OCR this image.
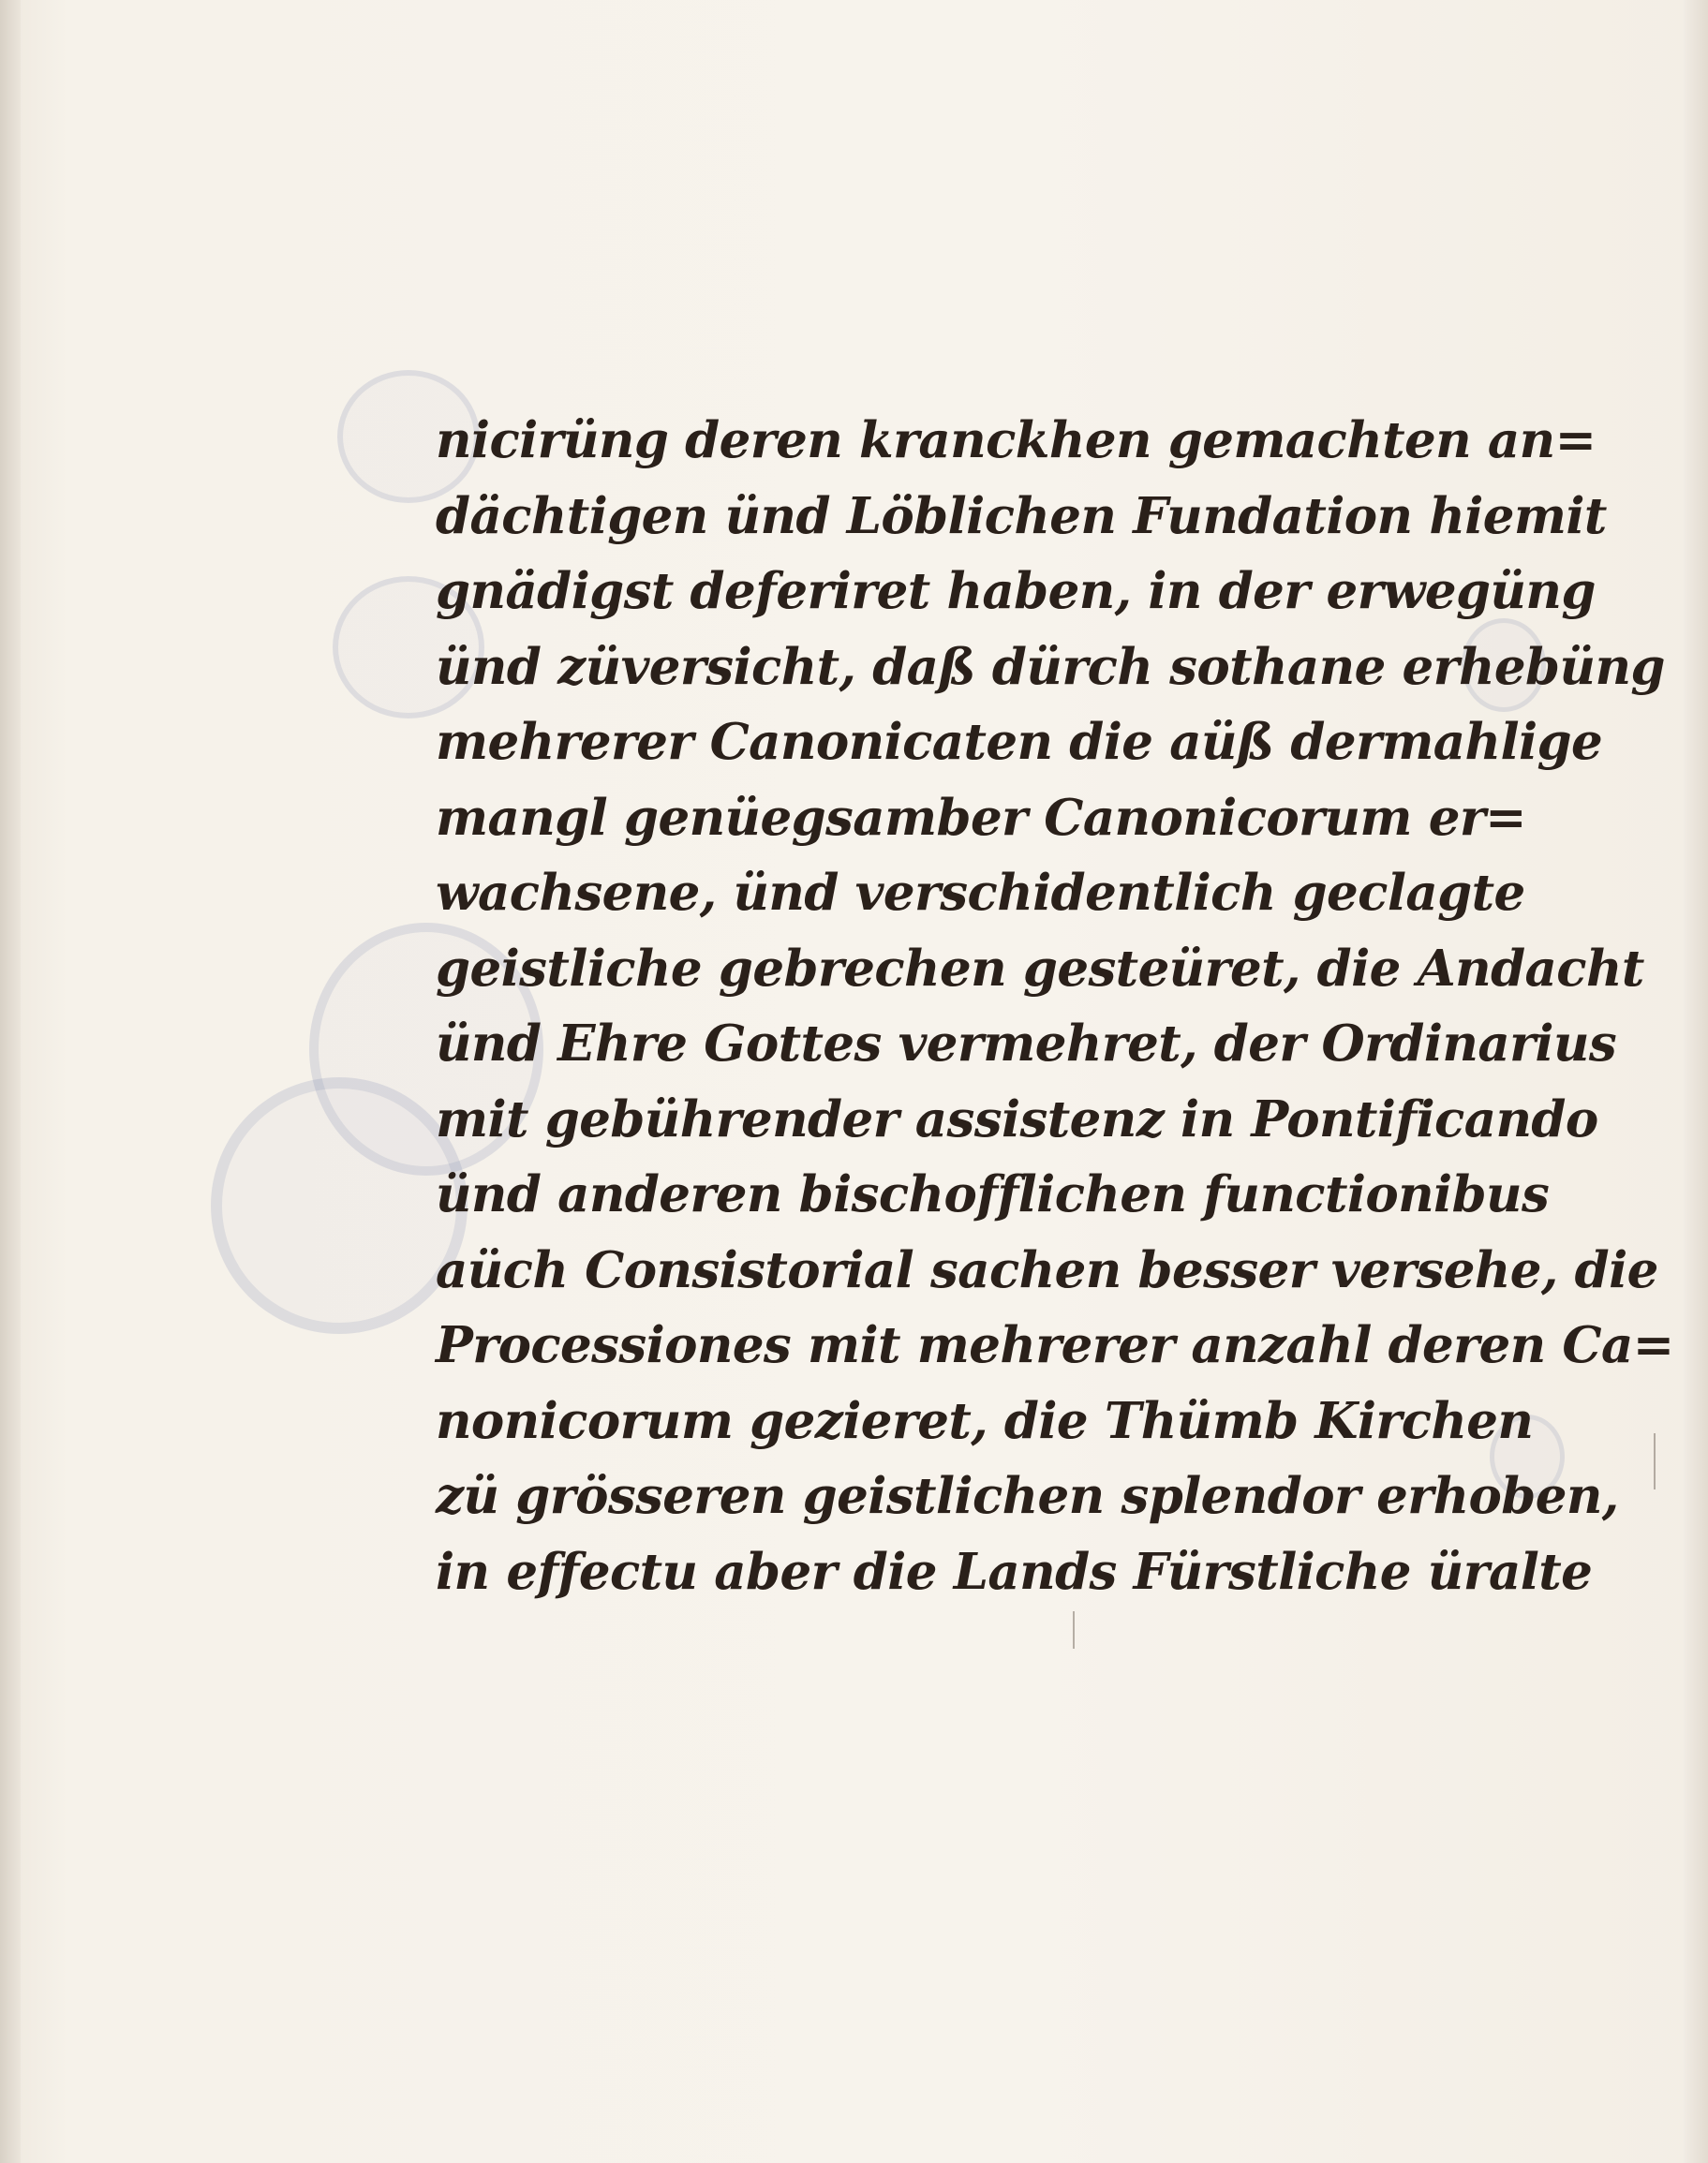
nicirüng deren kranckhen gemachten an=
dächtigen ünd Löblichen Fundation hiemit
gnädigst deferiret haben, in der erwegüng
ünd züversicht, daß dürch sothane erhebüng
mehrerer Canonicaten die aüß dermahlige
mangl genüegsamber Canonicorum er=
wachsene, ünd verschidentlich geclagte
geistliche gebrechen gesteüret, die Andacht
ünd Ehre Gottes vermehret, der Ordinarius
mit gebührender assistenz in Pontificando
ünd anderen bischofflichen functionibus
aüch Consistorial sachen besser versehe, die
Processiones mit mehrerer anzahl deren Ca=
nonicorum gezieret, die Thümb Kirchen
zü grösseren geistlichen splendor erhoben,
in effectu aber die Lands Fürstliche üralte
